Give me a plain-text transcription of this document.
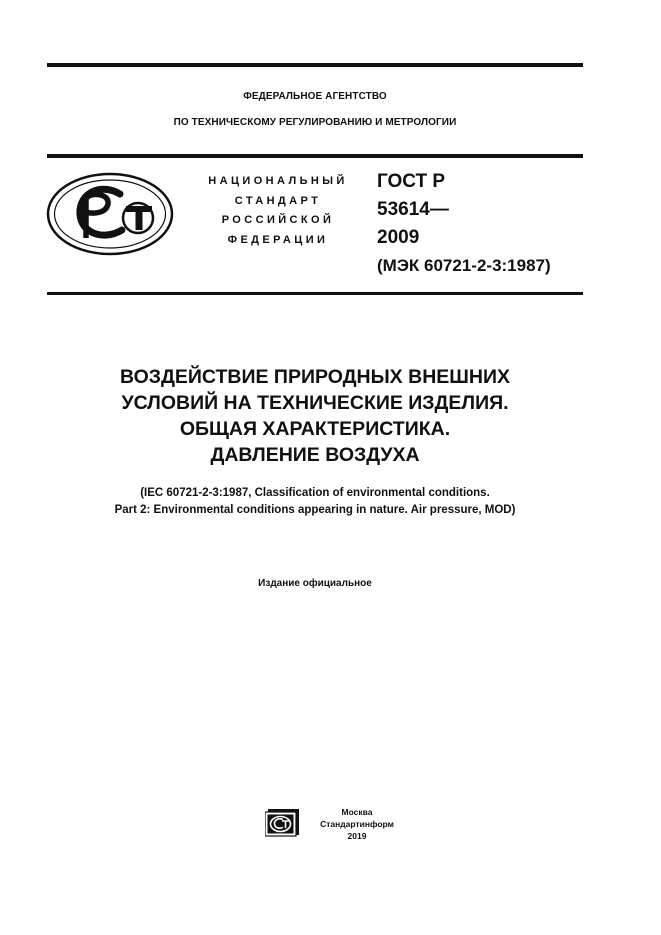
ФЕДЕРАЛЬНОЕ АГЕНТСТВО
ПО ТЕХНИЧЕСКОМУ РЕГУЛИРОВАНИЮ И МЕТРОЛОГИИ
НАЦИОНАЛЬНЫЙ
СТАНДАРТ
РОССИЙСКОЙ
ФЕДЕРАЦИИ
ГОСТ Р
53614—
2009
(МЭК 60721-2-3:1987)
ВОЗДЕЙСТВИЕ ПРИРОДНЫХ ВНЕШНИХ
УСЛОВИЙ НА ТЕХНИЧЕСКИЕ ИЗДЕЛИЯ.
ОБЩАЯ ХАРАКТЕРИСТИКА.
ДАВЛЕНИЕ ВОЗДУХА
(IEC 60721-2-3:1987, Classification of environmental conditions.
Part 2: Environmental conditions appearing in nature. Air pressure, MOD)
Издание официальное
Москва
Стандартинформ
2019
